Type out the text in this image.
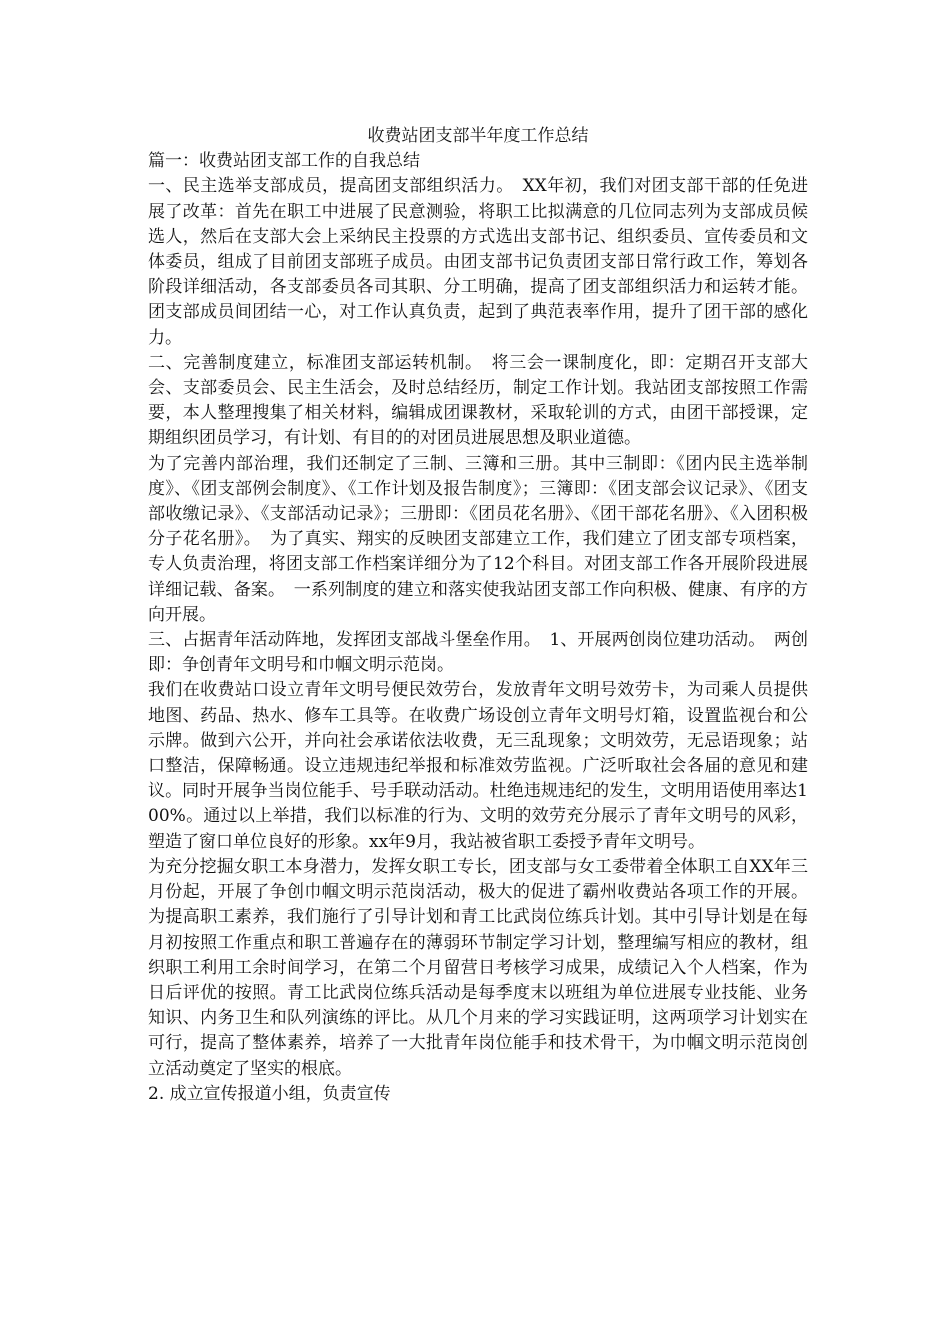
收费站团支部半年度工作总结

篇一：收费站团支部工作的自我总结

一、民主选举支部成员，提高团支部组织活力。　XX年初，我们对团支部干部的任免进展了改革：首先在职工中进展了民意测验，将职工比拟满意的几位同志列为支部成员候选人，然后在支部大会上采纳民主投票的方式选出支部书记、组织委员、宣传委员和文体委员，组成了目前团支部班子成员。由团支部书记负责团支部日常行政工作，筹划各阶段详细活动，各支部委员各司其职、分工明确，提高了团支部组织活力和运转才能。团支部成员间团结一心，对工作认真负责，起到了典范表率作用，提升了团干部的感化力。

二、完善制度建立，标准团支部运转机制。　将三会一课制度化，即：定期召开支部大会、支部委员会、民主生活会，及时总结经历，制定工作计划。我站团支部按照工作需要，本人整理搜集了相关材料，编辑成团课教材，采取轮训的方式，由团干部授课，定期组织团员学习，有计划、有目的的对团员进展思想及职业道德。

为了完善内部治理，我们还制定了三制、三簿和三册。其中三制即：《团内民主选举制度》、《团支部例会制度》、《工作计划及报告制度》；三簿即：《团支部会议记录》、《团支部收缴记录》、《支部活动记录》；三册即：《团员花名册》、《团干部花名册》、《入团积极分子花名册》。　为了真实、翔实的反映团支部建立工作，我们建立了团支部专项档案，专人负责治理，将团支部工作档案详细分为了12个科目。对团支部工作各开展阶段进展详细记载、备案。　一系列制度的建立和落实使我站团支部工作向积极、健康、有序的方向开展。

三、占据青年活动阵地，发挥团支部战斗堡垒作用。　1、开展两创岗位建功活动。　两创即：争创青年文明号和巾帼文明示范岗。

我们在收费站口设立青年文明号便民效劳台，发放青年文明号效劳卡，为司乘人员提供地图、药品、热水、修车工具等。在收费广场设创立青年文明号灯箱，设置监视台和公示牌。做到六公开，并向社会承诺依法收费，无三乱现象；文明效劳，无忌语现象；站口整洁，保障畅通。设立违规违纪举报和标准效劳监视。广泛听取社会各届的意见和建议。同时开展争当岗位能手、号手联动活动。杜绝违规违纪的发生，文明用语使用率达100%。通过以上举措，我们以标准的行为、文明的效劳充分展示了青年文明号的风彩，塑造了窗口单位良好的形象。xx年9月，我站被省职工委授予青年文明号。

为充分挖掘女职工本身潜力，发挥女职工专长，团支部与女工委带着全体职工自XX年三月份起，开展了争创巾帼文明示范岗活动，极大的促进了霸州收费站各项工作的开展。为提高职工素养，我们施行了引导计划和青工比武岗位练兵计划。其中引导计划是在每月初按照工作重点和职工普遍存在的薄弱环节制定学习计划，整理编写相应的教材，组织职工利用工余时间学习，在第二个月留营日考核学习成果，成绩记入个人档案，作为日后评优的按照。青工比武岗位练兵活动是每季度末以班组为单位进展专业技能、业务知识、内务卫生和队列演练的评比。从几个月来的学习实践证明，这两项学习计划实在可行，提高了整体素养，培养了一大批青年岗位能手和技术骨干，为巾帼文明示范岗创立活动奠定了坚实的根底。

2. 成立宣传报道小组，负责宣传
